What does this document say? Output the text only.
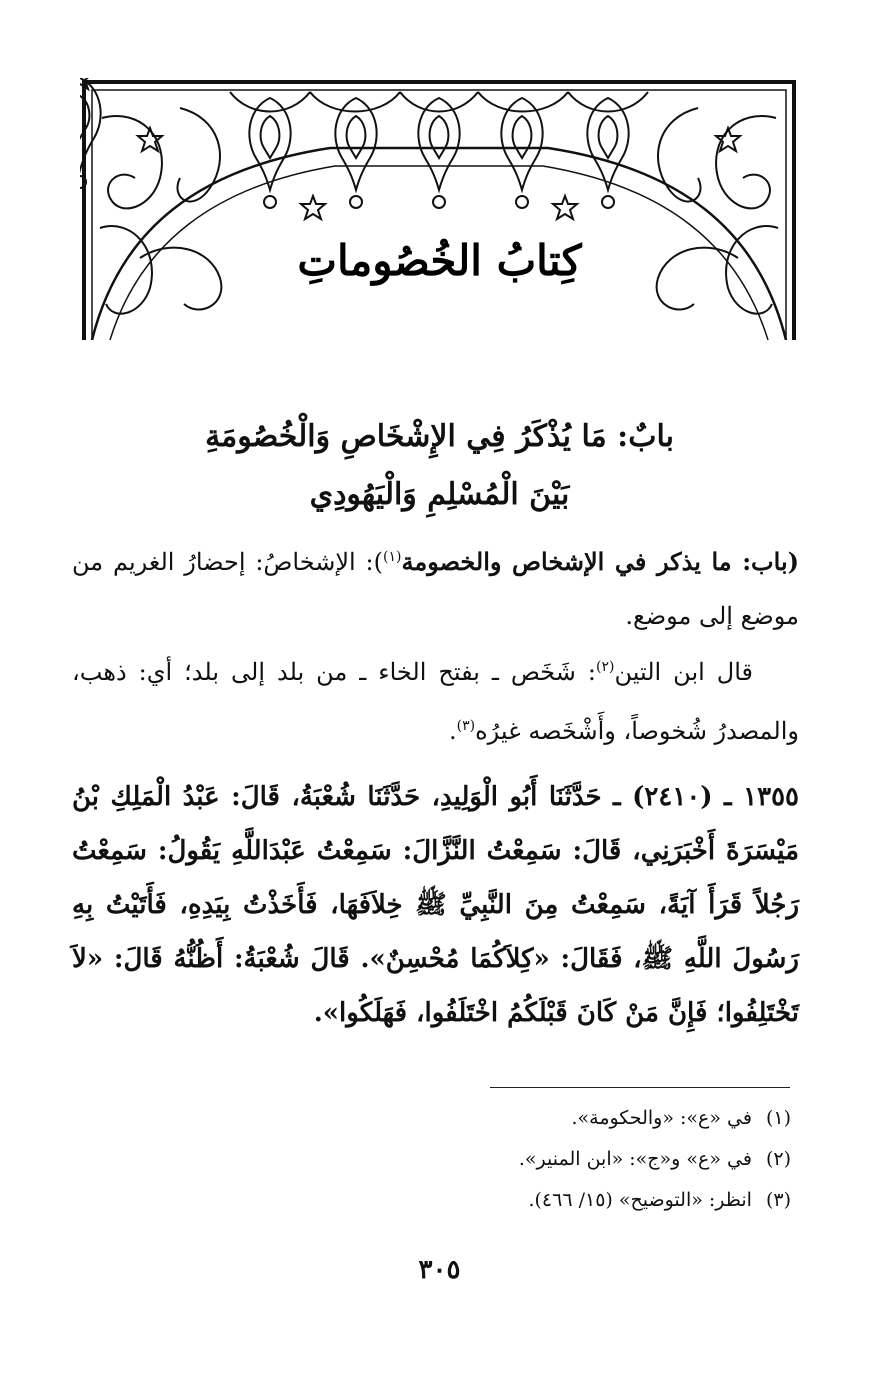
كِتابُ الخُصُوماتِ
بابٌ: مَا يُذْكَرُ فِي الإِشْخَاصِ وَالْخُصُومَةِ
بَيْنَ الْمُسْلِمِ وَالْيَهُودِي
(باب: ما يذكر في الإشخاص والخصومة$^{(١)}$): الإشخاصُ: إحضارُ الغريم من موضع إلى موضع.
قال ابن التين$^{(٢)}$: شَخَص ـ بفتح الخاء ـ من بلد إلى بلد؛ أي: ذهب، والمصدرُ شُخوصاً، وأَشْخَصه غيرُه$^{(٣)}$.
١٣٥٥ ـ (٢٤١٠) ـ حَدَّثَنَا أَبُو الْوَلِيدِ، حَدَّثَنَا شُعْبَةُ، قَالَ: عَبْدُ الْمَلِكِ بْنُ مَيْسَرَةَ أَخْبَرَنِي، قَالَ: سَمِعْتُ النَّزَّالَ: سَمِعْتُ عَبْدَاللَّهِ يَقُولُ: سَمِعْتُ رَجُلاً قَرَأَ آيَةً، سَمِعْتُ مِنَ النَّبِيِّ ﷺ خِلاَفَهَا، فَأَخَذْتُ بِيَدِهِ، فَأَتَيْتُ بِهِ رَسُولَ اللَّهِ ﷺ، فَقَالَ: «كِلاَكُمَا مُحْسِنٌ». قَالَ شُعْبَةُ: أَظُنُّهُ قَالَ: «لاَ تَخْتَلِفُوا؛ فَإِنَّ مَنْ كَانَ قَبْلَكُمُ اخْتَلَفُوا، فَهَلَكُوا».
(١)في «ع»: «والحكومة».
(٢)في «ع» و«ج»: «ابن المنير».
(٣)انظر: «التوضيح» (١٥/ ٤٦٦).
٣٠٥
